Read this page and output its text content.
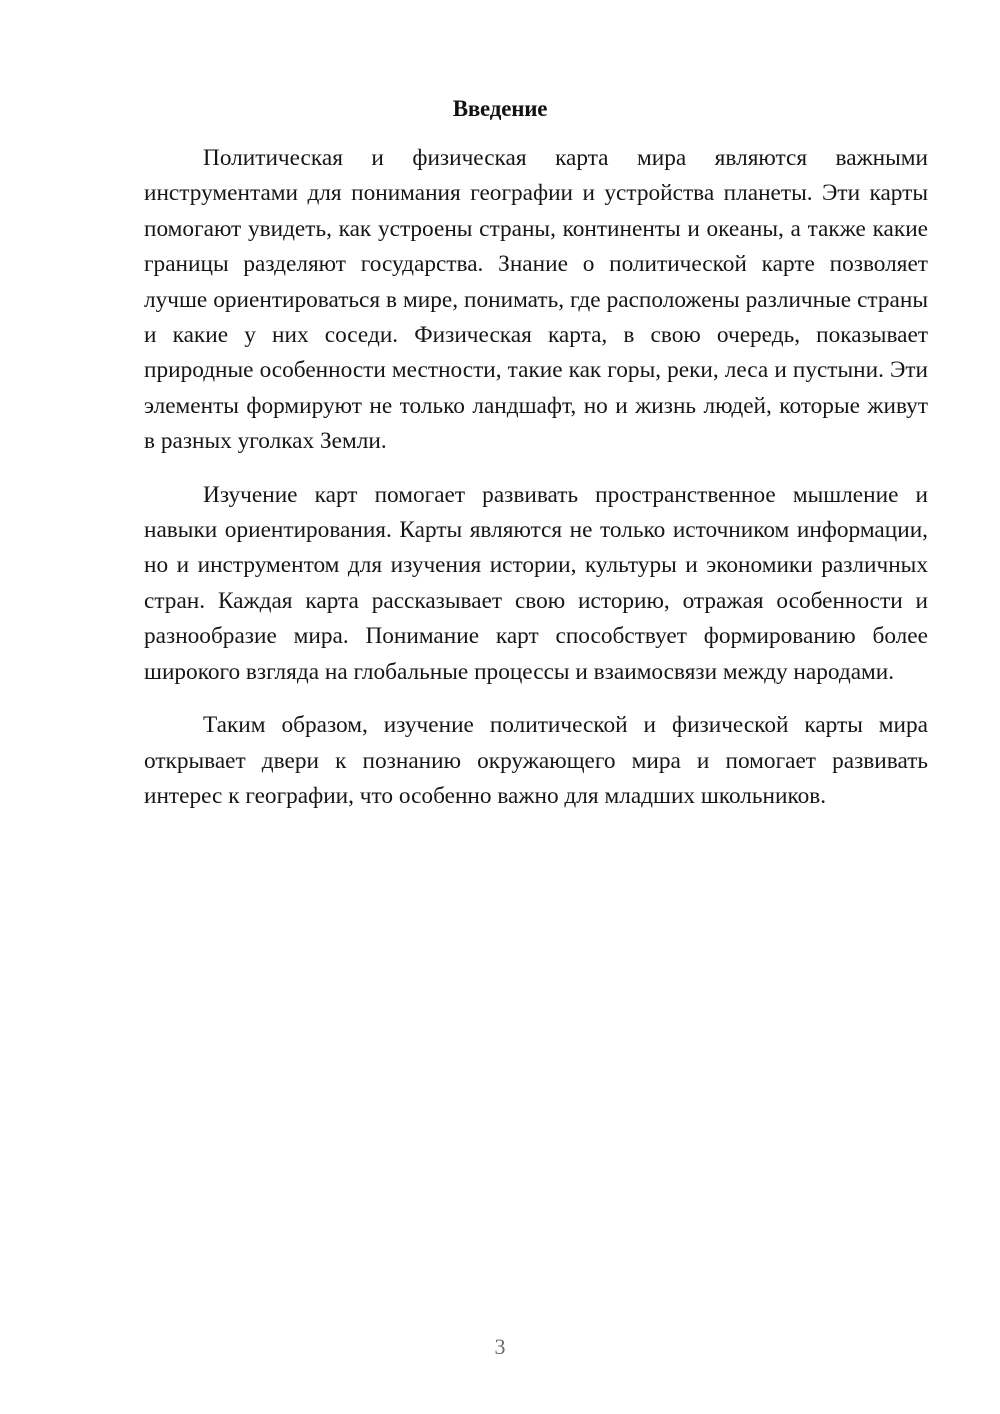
Введение

Политическая и физическая карта мира являются важными инструментами для понимания географии и устройства планеты. Эти карты помогают увидеть, как устроены страны, континенты и океаны, а также какие границы разделяют государства. Знание о политической карте позволяет лучше ориентироваться в мире, понимать, где расположены различные страны и какие у них соседи. Физическая карта, в свою очередь, показывает природные особенности местности, такие как горы, реки, леса и пустыни. Эти элементы формируют не только ландшафт, но и жизнь людей, которые живут в разных уголках Земли.

Изучение карт помогает развивать пространственное мышление и навыки ориентирования. Карты являются не только источником информации, но и инструментом для изучения истории, культуры и экономики различных стран. Каждая карта рассказывает свою историю, отражая особенности и разнообразие мира. Понимание карт способствует формированию более широкого взгляда на глобальные процессы и взаимосвязи между народами.

Таким образом, изучение политической и физической карты мира открывает двери к познанию окружающего мира и помогает развивать интерес к географии, что особенно важно для младших школьников.

3
